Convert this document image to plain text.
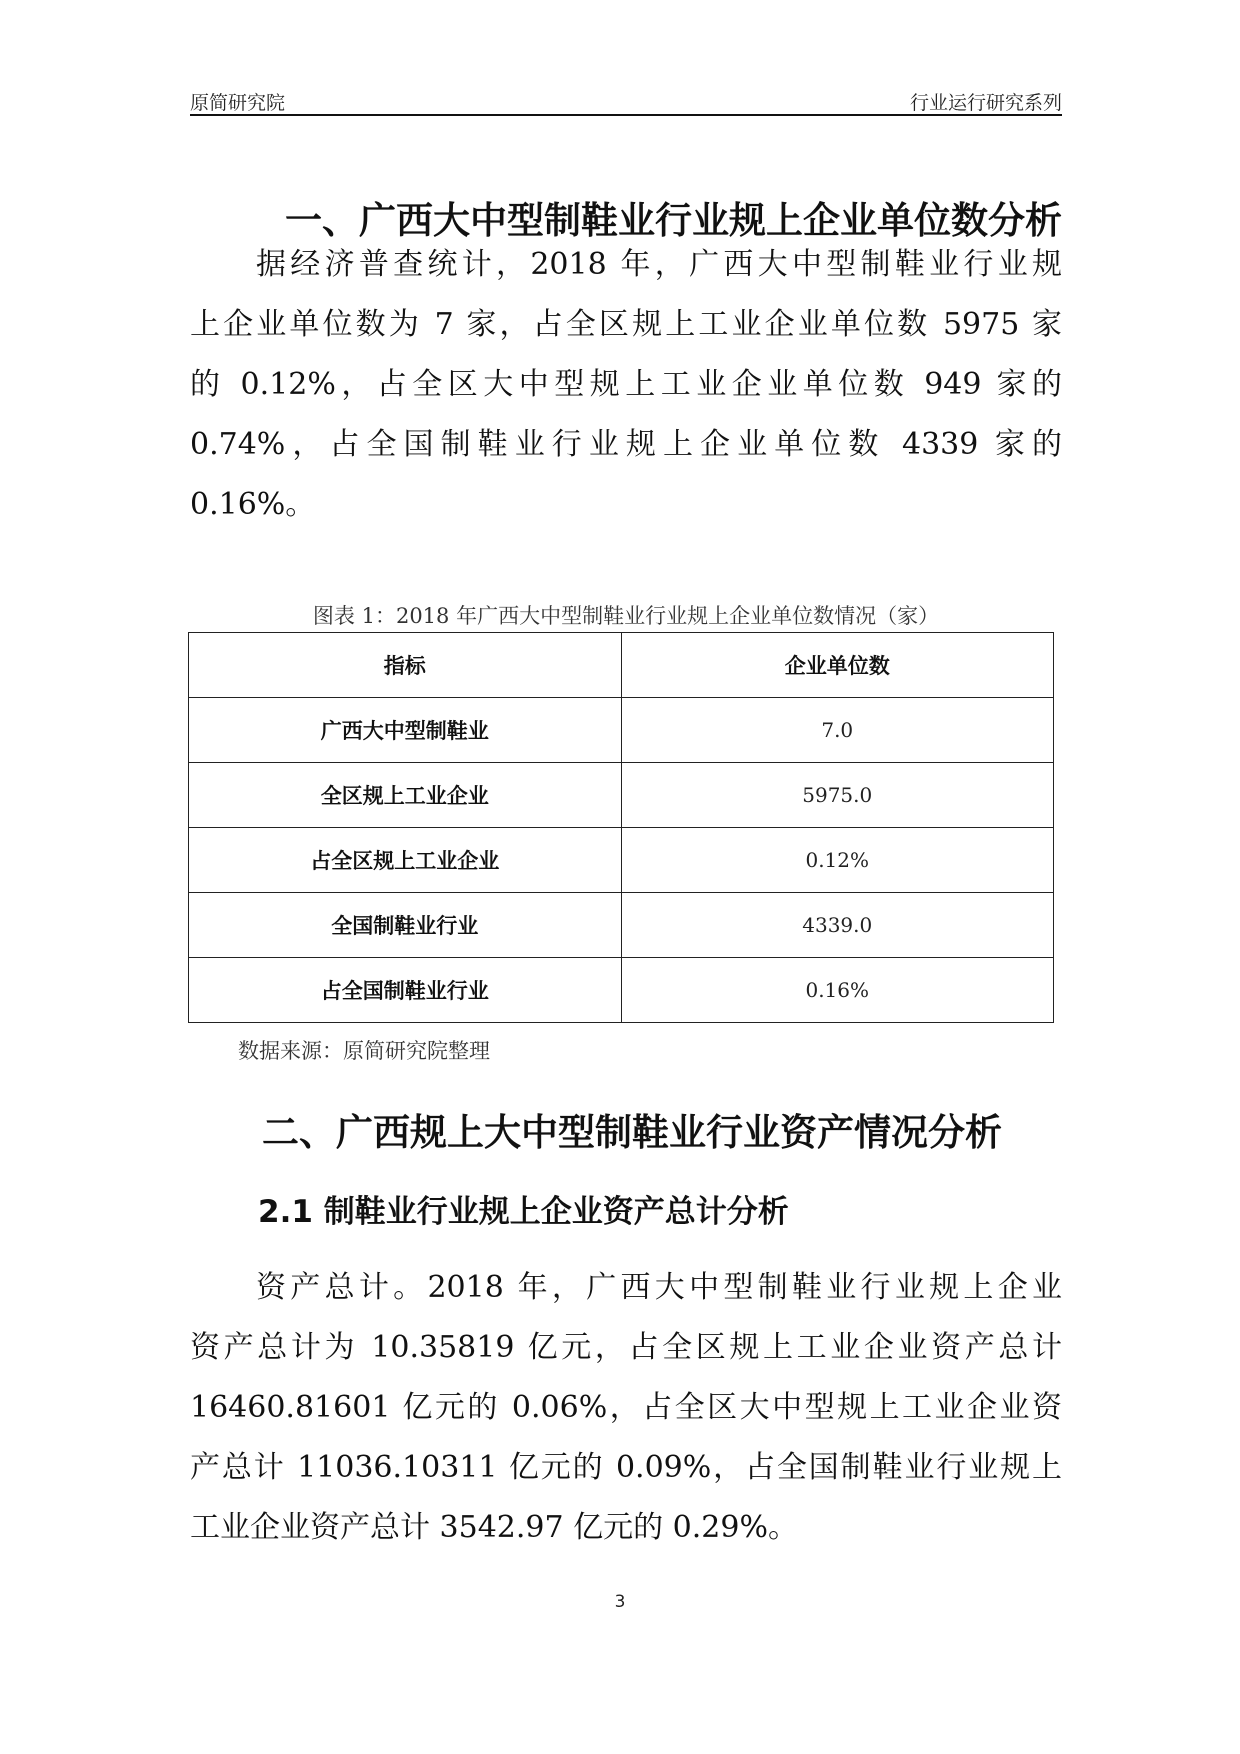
原简研究院	行业运行研究系列
一、广西大中型制鞋业行业规上企业单位数分析
据经济普查统计，2018 年，广西大中型制鞋业行业规
上企业单位数为 7 家，占全区规上工业企业单位数 5975 家
的 0.12%，占全区大中型规上工业企业单位数 949 家的
0.74%，占全国制鞋业行业规上企业单位数 4339 家的
0.16%。
图表 1：2018 年广西大中型制鞋业行业规上企业单位数情况（家）
指标	企业单位数
广西大中型制鞋业	7.0
全区规上工业企业	5975.0
占全区规上工业企业	0.12%
全国制鞋业行业	4339.0
占全国制鞋业行业	0.16%
数据来源：原简研究院整理
二、广西规上大中型制鞋业行业资产情况分析
2.1 制鞋业行业规上企业资产总计分析
资产总计。2018 年，广西大中型制鞋业行业规上企业
资产总计为 10.35819 亿元，占全区规上工业企业资产总计
16460.81601 亿元的 0.06%，占全区大中型规上工业企业资
产总计 11036.10311 亿元的 0.09%，占全国制鞋业行业规上
工业企业资产总计 3542.97 亿元的 0.29%。
3
